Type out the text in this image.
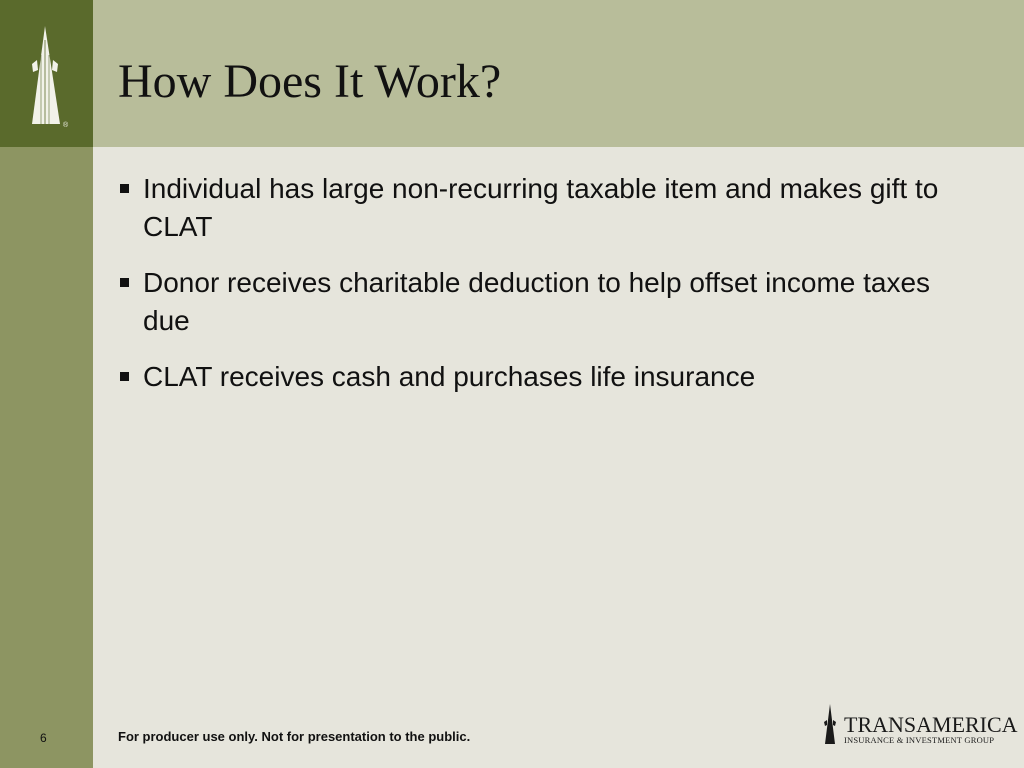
®
How Does It Work?
Individual has large non-recurring taxable item and makes gift to CLAT
Donor receives charitable deduction to help offset income taxes due
CLAT receives cash and purchases life insurance
6	For producer use only. Not for presentation to the public.	TRANSAMERICA
INSURANCE & INVESTMENT GROUP
